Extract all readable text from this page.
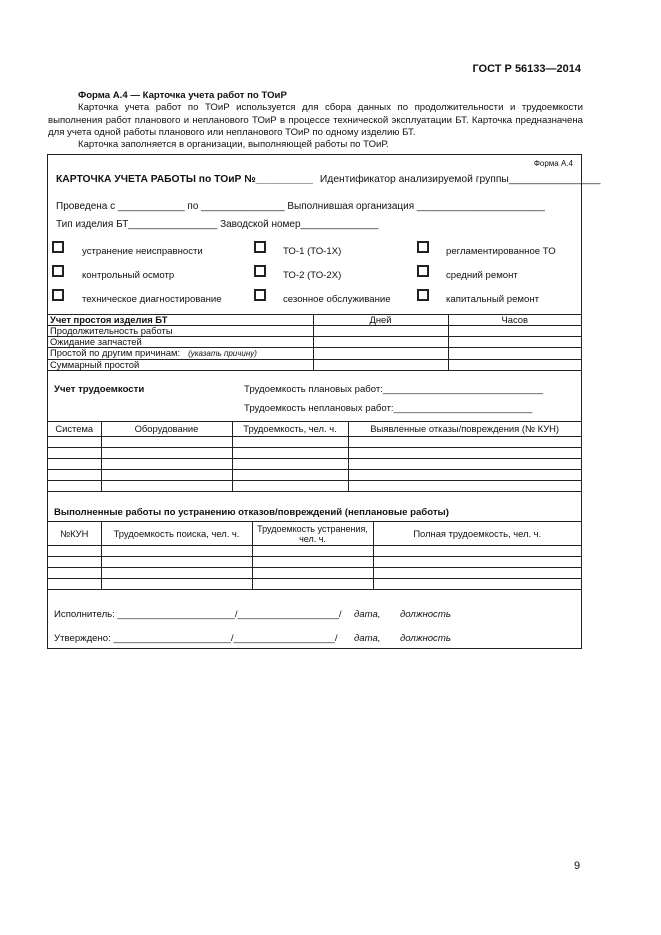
ГОСТ Р 56133—2014

Форма А.4 — Карточка учета работ по ТОиР

Карточка учета работ по ТОиР используется для сбора данных по продолжительности и трудоемкости выполнения работ планового и непланового ТОиР в процессе технической эксплуатации БТ. Карточка предназначена для учета одной работы планового или непланового ТОиР по одному изделию БТ.

Карточка заполняется в организации, выполняющей работы по ТОиР.

Форма А.4
КАРТОЧКА УЧЕТА РАБОТЫ по ТОиР №__________ Идентификатор анализируемой группы________________
Проведена с ____________ по _______________ Выполнившая организация _______________________
Тип изделия БТ________________ Заводской номер______________
устранение неисправности	ТО-1 (ТО-1Х)	регламентированное ТО
контрольный осмотр	ТО-2 (ТО-2Х)	средний ремонт
техническое диагностирование	сезонное обслуживание	капитальный ремонт
Учет простоя изделия БТ	Дней	Часов
Продолжительность работы		
Ожидание запчастей		
Простой по другим причинам: (указать причину)		
Суммарный простой		
Учет трудоемкости	Трудоемкость плановых работ:______________________________
Трудоемкость неплановых работ:__________________________
Система	Оборудование	Трудоемкость, чел. ч.	Выявленные отказы/повреждения (№ КУН)

Выполненные работы по устранению отказов/повреждений (неплановые работы)
№КУН	Трудоемкость поиска, чел. ч.	Трудоемкость устранения, чел. ч.	Полная трудоемкость, чел. ч.

Исполнитель: ______________________/___________________/ дата, должность
Утверждено: ______________________/___________________/ дата, должность
9
